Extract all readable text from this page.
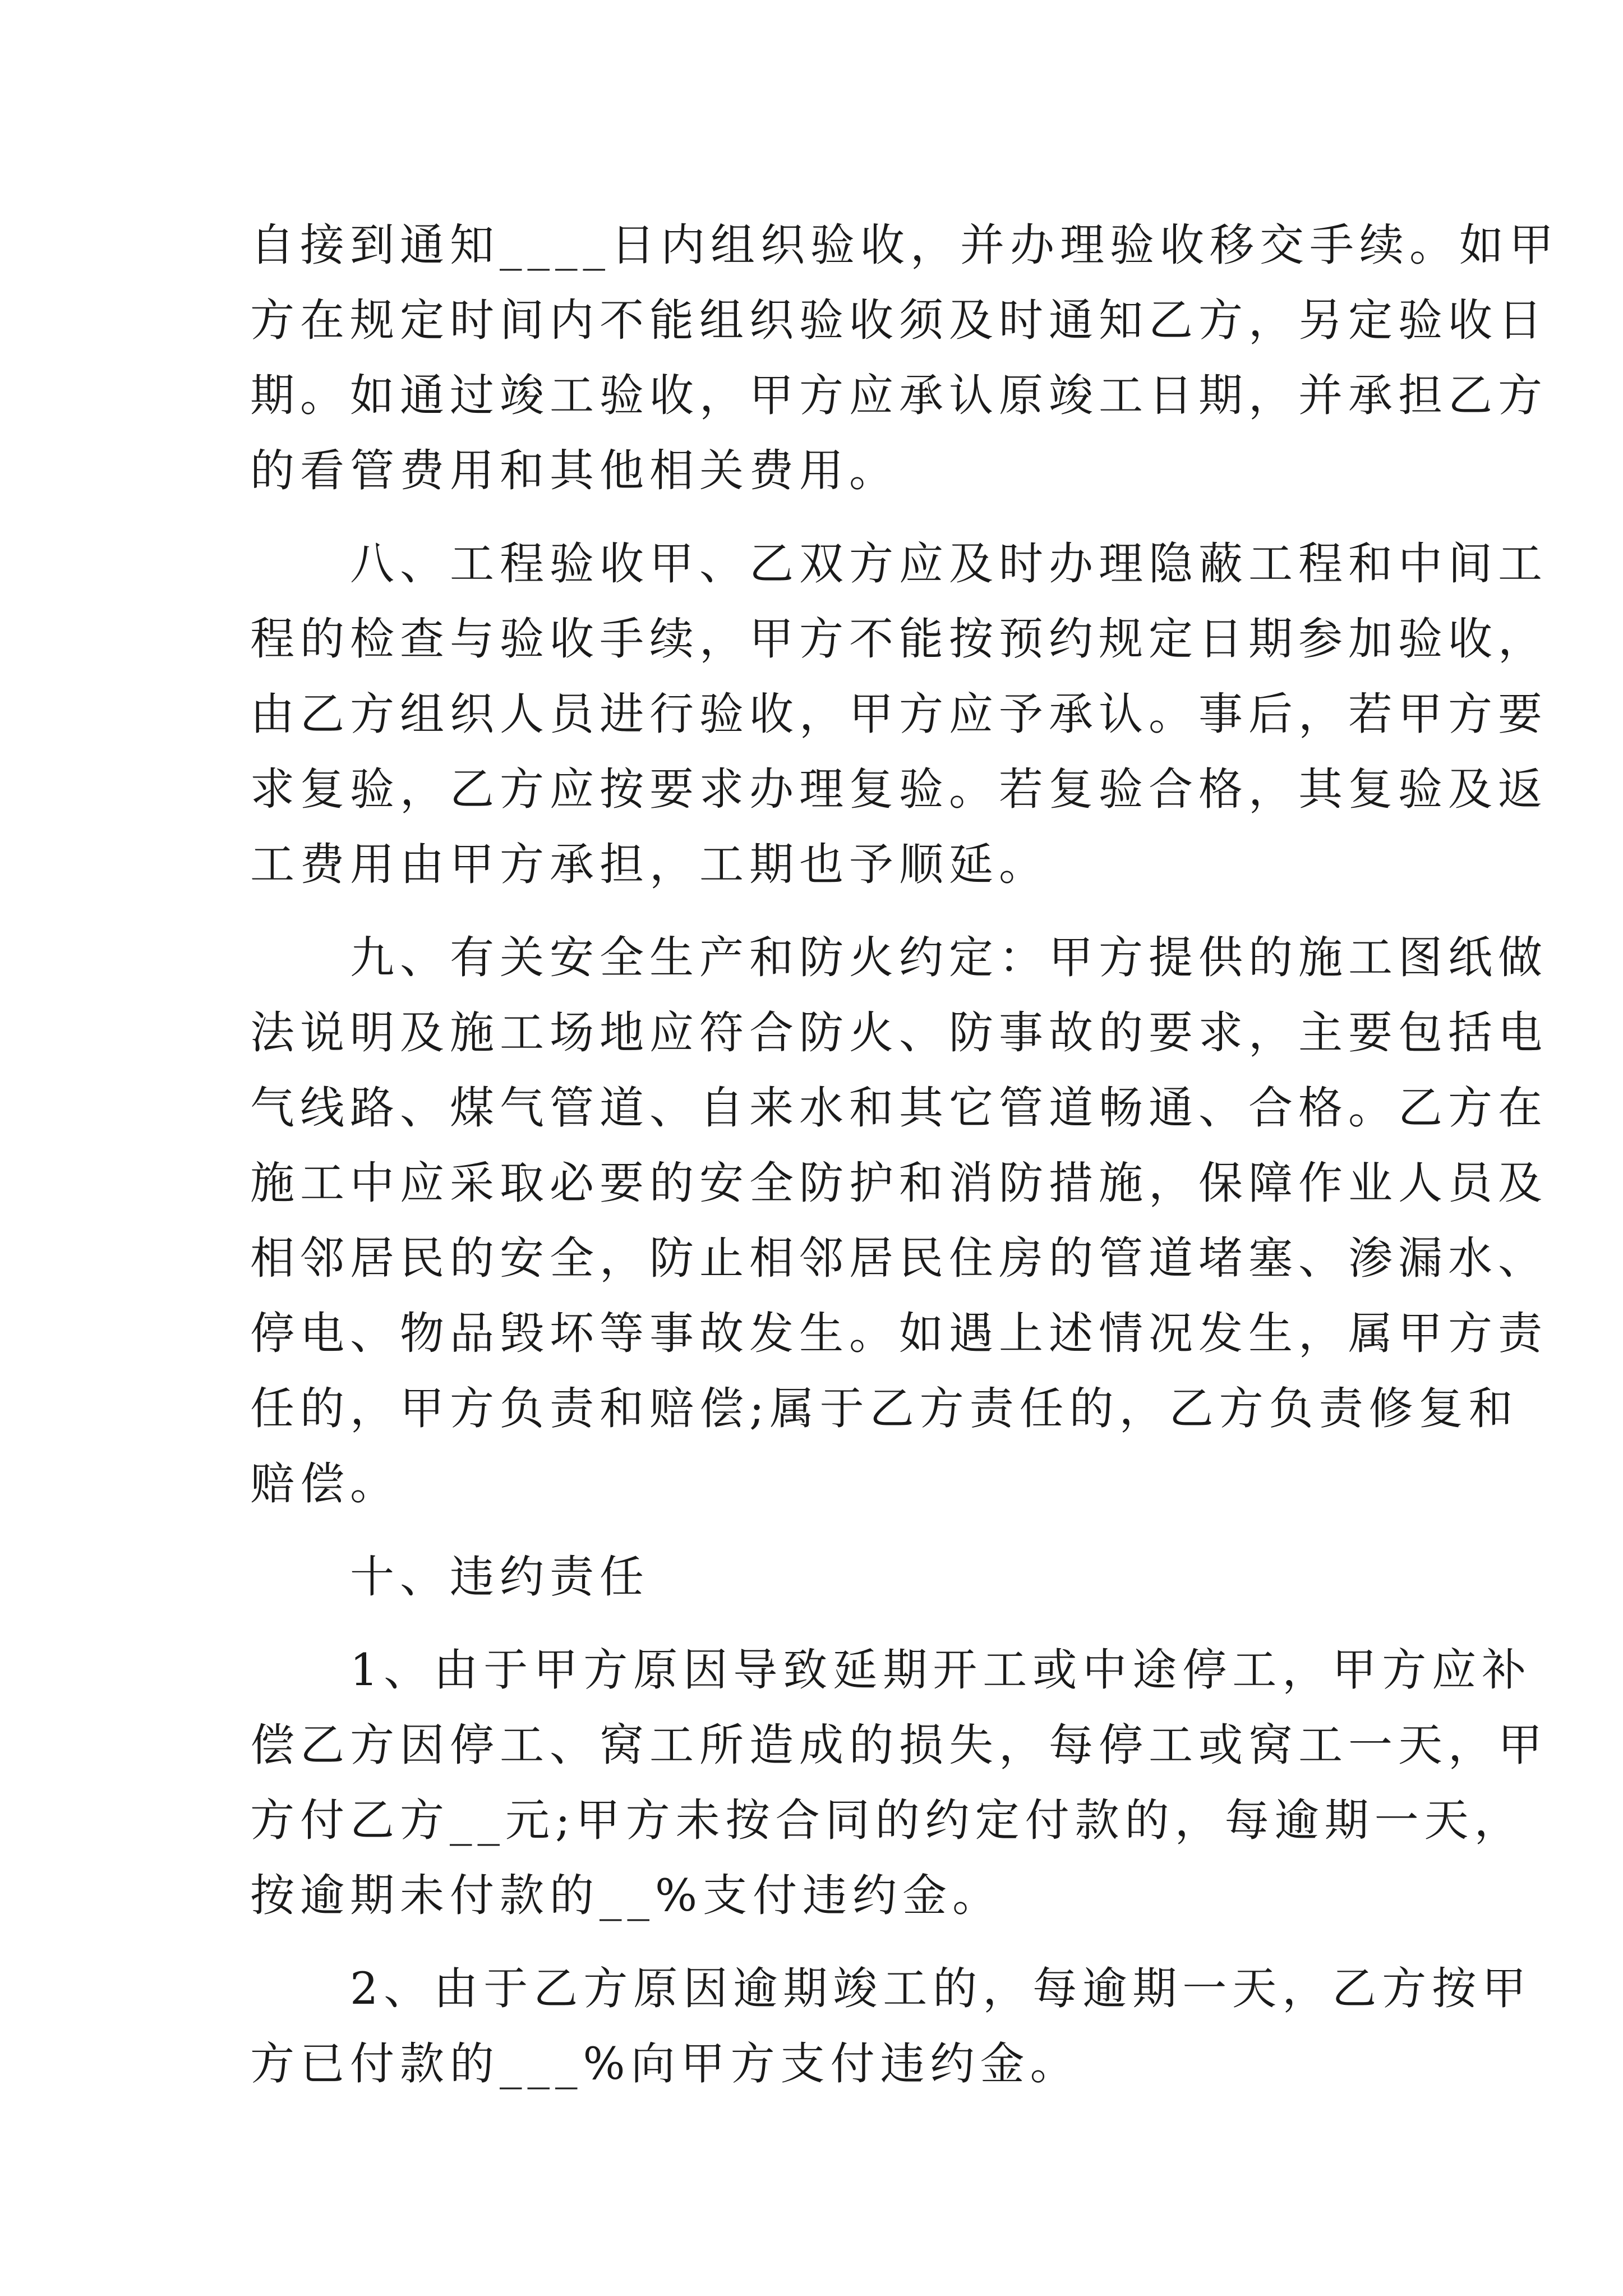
自接到通知____日内组织验收，并办理验收移交手续。如甲
方在规定时间内不能组织验收须及时通知乙方，另定验收日
期。如通过竣工验收，甲方应承认原竣工日期，并承担乙方
的看管费用和其他相关费用。
　　八、工程验收甲、乙双方应及时办理隐蔽工程和中间工
程的检查与验收手续，甲方不能按预约规定日期参加验收，
由乙方组织人员进行验收，甲方应予承认。事后，若甲方要
求复验，乙方应按要求办理复验。若复验合格，其复验及返
工费用由甲方承担，工期也予顺延。
　　九、有关安全生产和防火约定：甲方提供的施工图纸做
法说明及施工场地应符合防火、防事故的要求，主要包括电
气线路、煤气管道、自来水和其它管道畅通、合格。乙方在
施工中应采取必要的安全防护和消防措施，保障作业人员及
相邻居民的安全，防止相邻居民住房的管道堵塞、渗漏水、
停电、物品毁坏等事故发生。如遇上述情况发生，属甲方责
任的，甲方负责和赔偿;属于乙方责任的，乙方负责修复和
赔偿。
　　十、违约责任
　　1、由于甲方原因导致延期开工或中途停工，甲方应补
偿乙方因停工、窝工所造成的损失，每停工或窝工一天，甲
方付乙方__元;甲方未按合同的约定付款的，每逾期一天，
按逾期未付款的__%支付违约金。
　　2、由于乙方原因逾期竣工的，每逾期一天，乙方按甲
方已付款的___%向甲方支付违约金。
